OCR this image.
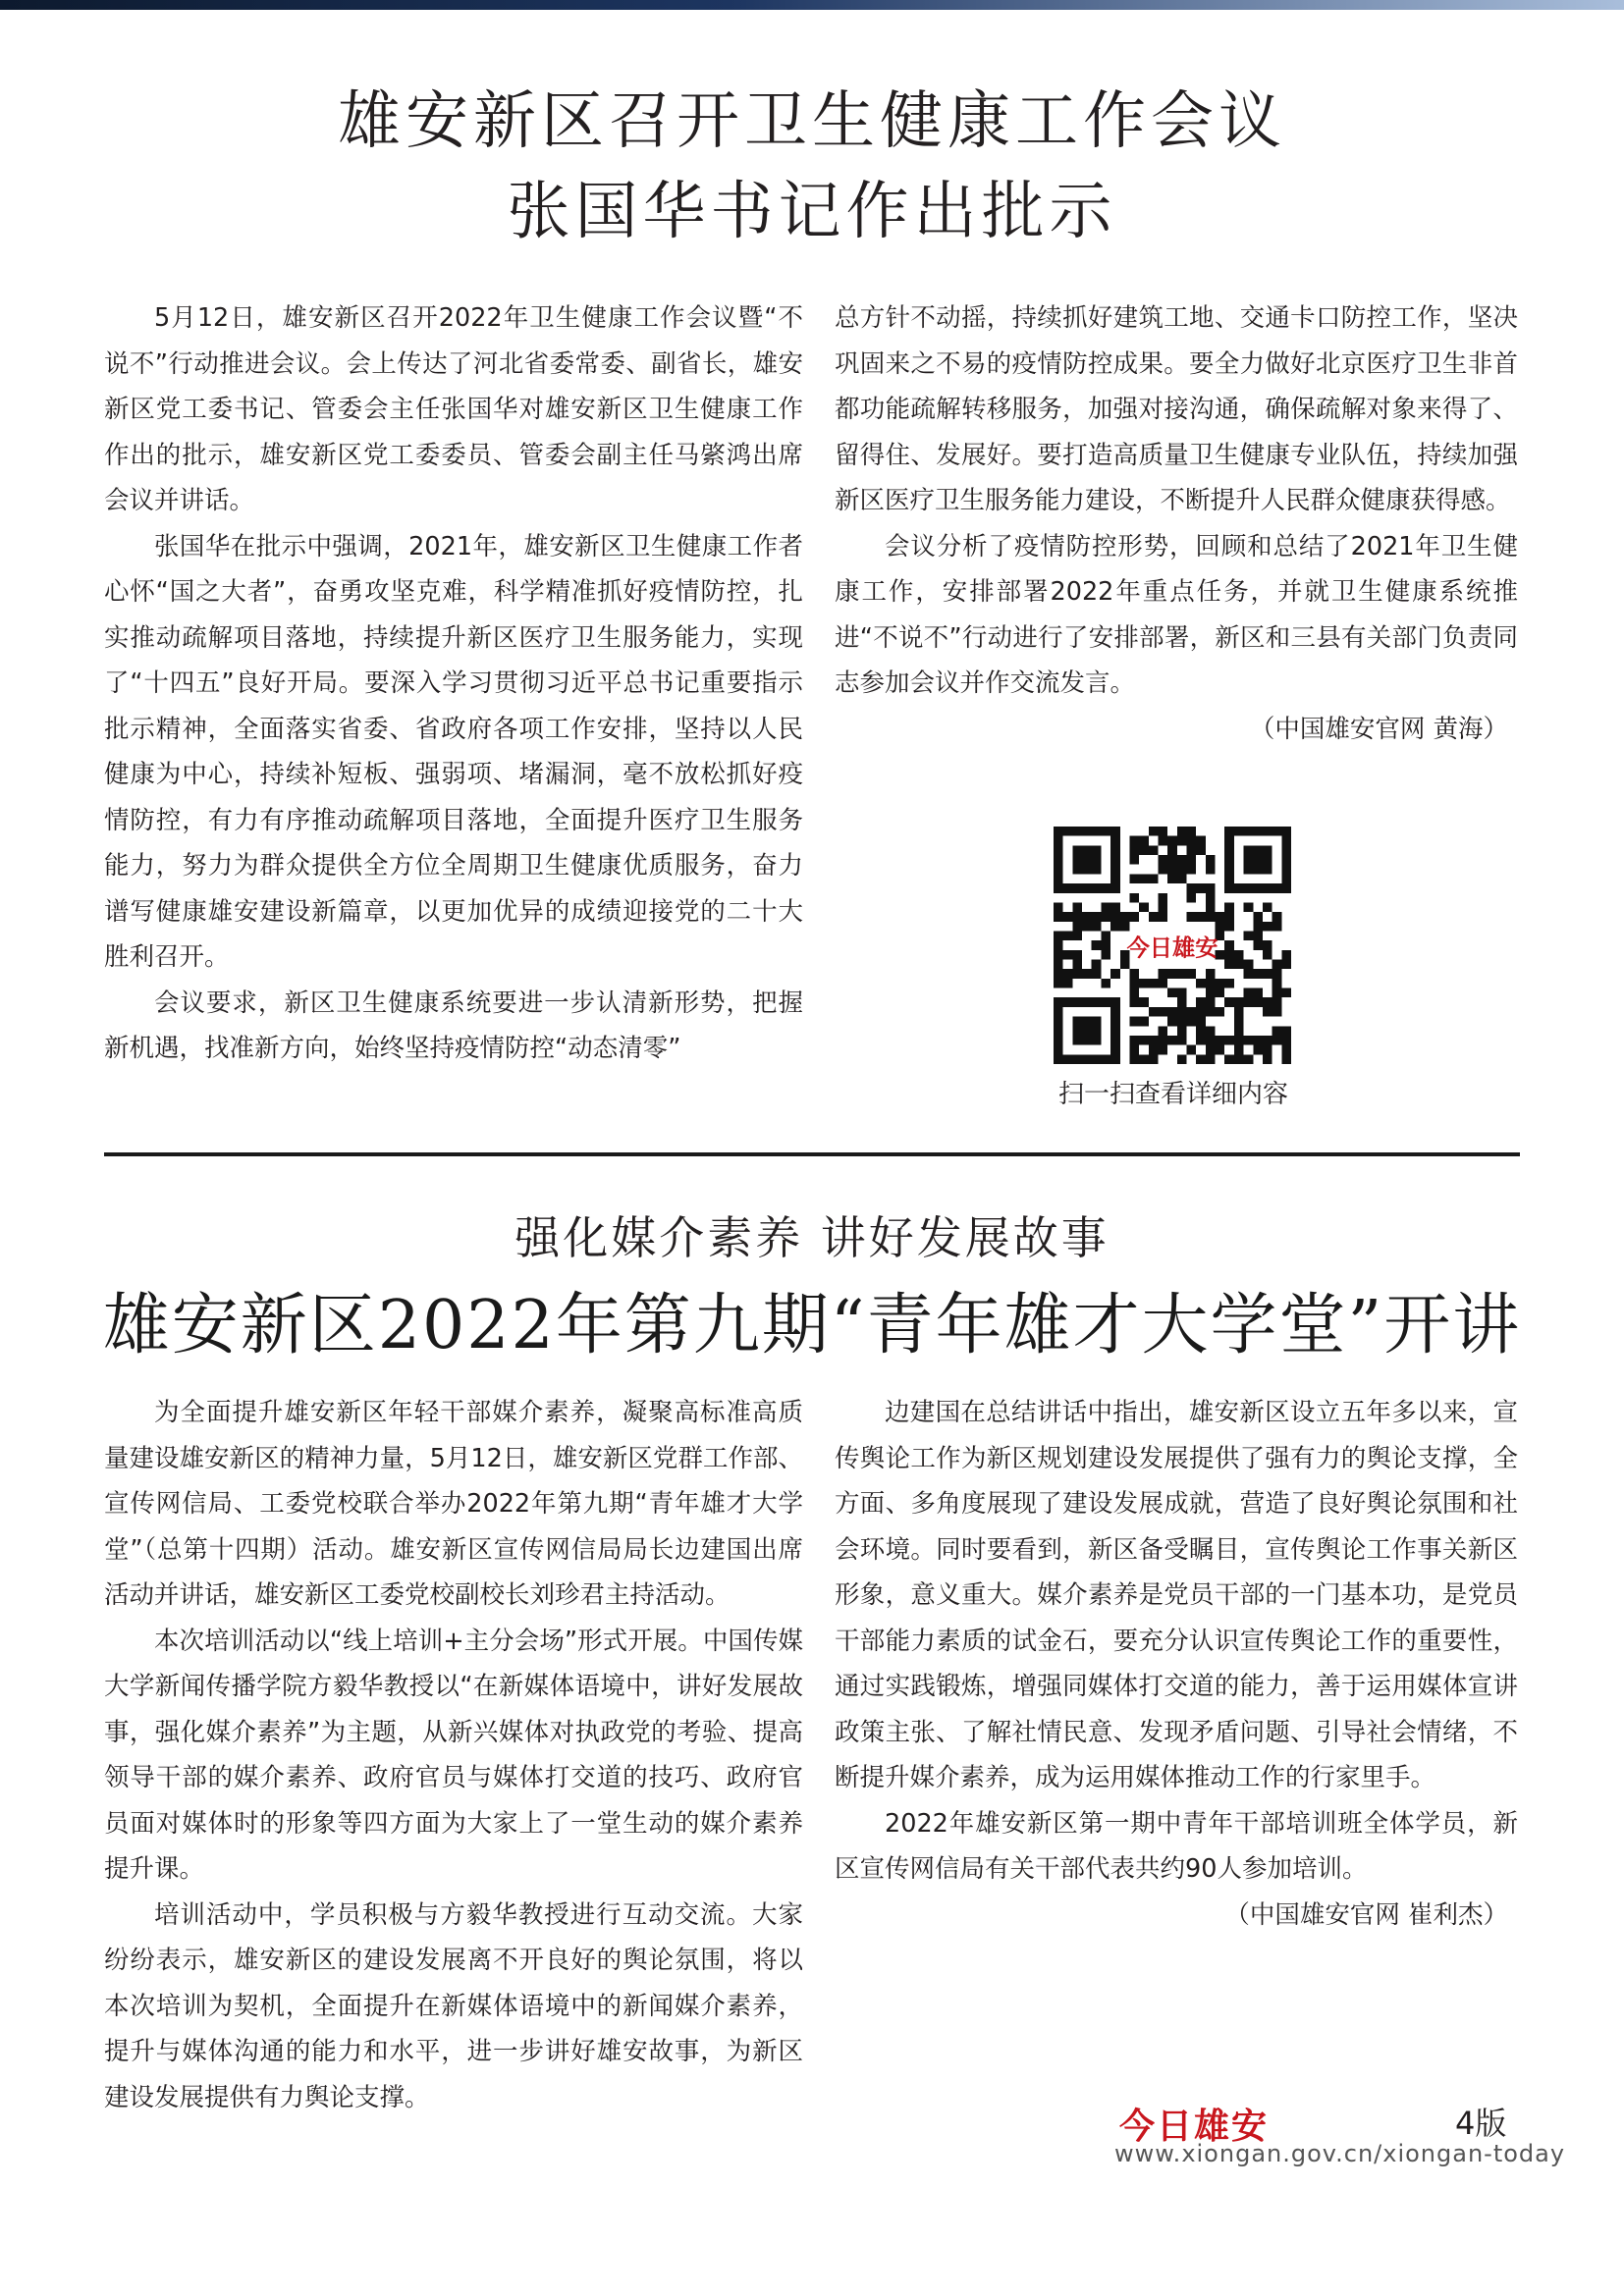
雄安新区召开卫生健康工作会议
张国华书记作出批示

5月12日，雄安新区召开2022年卫生健康工作会议暨“不说不”行动推进会议。会上传达了河北省委常委、副省长，雄安新区党工委书记、管委会主任张国华对雄安新区卫生健康工作作出的批示，雄安新区党工委委员、管委会副主任马綮鸿出席会议并讲话。

张国华在批示中强调，2021年，雄安新区卫生健康工作者心怀“国之大者”，奋勇攻坚克难，科学精准抓好疫情防控，扎实推动疏解项目落地，持续提升新区医疗卫生服务能力，实现了“十四五”良好开局。要深入学习贯彻习近平总书记重要指示批示精神，全面落实省委、省政府各项工作安排，坚持以人民健康为中心，持续补短板、强弱项、堵漏洞，毫不放松抓好疫情防控，有力有序推动疏解项目落地，全面提升医疗卫生服务能力，努力为群众提供全方位全周期卫生健康优质服务，奋力谱写健康雄安建设新篇章，以更加优异的成绩迎接党的二十大胜利召开。

会议要求，新区卫生健康系统要进一步认清新形势，把握新机遇，找准新方向，始终坚持疫情防控“动态清零”

总方针不动摇，持续抓好建筑工地、交通卡口防控工作，坚决巩固来之不易的疫情防控成果。要全力做好北京医疗卫生非首都功能疏解转移服务，加强对接沟通，确保疏解对象来得了、留得住、发展好。要打造高质量卫生健康专业队伍，持续加强新区医疗卫生服务能力建设，不断提升人民群众健康获得感。

会议分析了疫情防控形势，回顾和总结了2021年卫生健康工作，安排部署2022年重点任务，并就卫生健康系统推进“不说不”行动进行了安排部署，新区和三县有关部门负责同志参加会议并作交流发言。

（中国雄安官网 黄海）

今日雄安
扫一扫查看详细内容
强化媒介素养 讲好发展故事
雄安新区2022年第九期“青年雄才大学堂”开讲

为全面提升雄安新区年轻干部媒介素养，凝聚高标准高质量建设雄安新区的精神力量，5月12日，雄安新区党群工作部、宣传网信局、工委党校联合举办2022年第九期“青年雄才大学堂”（总第十四期）活动。雄安新区宣传网信局局长边建国出席活动并讲话，雄安新区工委党校副校长刘珍君主持活动。

本次培训活动以“线上培训+主分会场”形式开展。中国传媒大学新闻传播学院方毅华教授以“在新媒体语境中，讲好发展故事，强化媒介素养”为主题，从新兴媒体对执政党的考验、提高领导干部的媒介素养、政府官员与媒体打交道的技巧、政府官员面对媒体时的形象等四方面为大家上了一堂生动的媒介素养提升课。

培训活动中，学员积极与方毅华教授进行互动交流。大家纷纷表示，雄安新区的建设发展离不开良好的舆论氛围，将以本次培训为契机，全面提升在新媒体语境中的新闻媒介素养，提升与媒体沟通的能力和水平，进一步讲好雄安故事，为新区建设发展提供有力舆论支撑。

边建国在总结讲话中指出，雄安新区设立五年多以来，宣传舆论工作为新区规划建设发展提供了强有力的舆论支撑，全方面、多角度展现了建设发展成就，营造了良好舆论氛围和社会环境。同时要看到，新区备受瞩目，宣传舆论工作事关新区形象，意义重大。媒介素养是党员干部的一门基本功，是党员干部能力素质的试金石，要充分认识宣传舆论工作的重要性，通过实践锻炼，增强同媒体打交道的能力，善于运用媒体宣讲政策主张、了解社情民意、发现矛盾问题、引导社会情绪，不断提升媒介素养，成为运用媒体推动工作的行家里手。

2022年雄安新区第一期中青年干部培训班全体学员，新区宣传网信局有关干部代表共约90人参加培训。

（中国雄安官网 崔利杰）

今日雄安	4版
www.xiongan.gov.cn/xiongan-today
